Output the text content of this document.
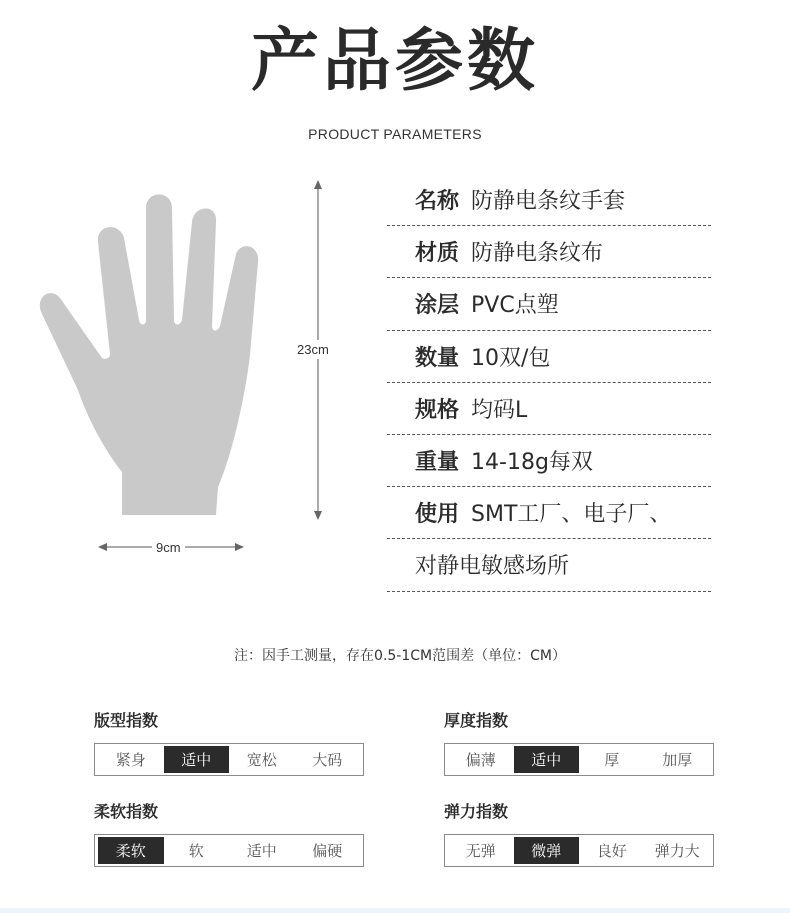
产品参数
PRODUCT PARAMETERS
23cm
9cm
名称 防静电条纹手套
材质 防静电条纹布
涂层 PVC点塑
数量 10双/包
规格 均码L
重量 14-18g每双
使用 SMT工厂、电子厂、
对静电敏感场所
注：因手工测量，存在0.5-1CM范围差（单位：CM）
版型指数
紧身	适中	宽松	大码
厚度指数
偏薄	适中	厚	加厚
柔软指数
柔软	软	适中	偏硬
弹力指数
无弹	微弹	良好	弹力大
